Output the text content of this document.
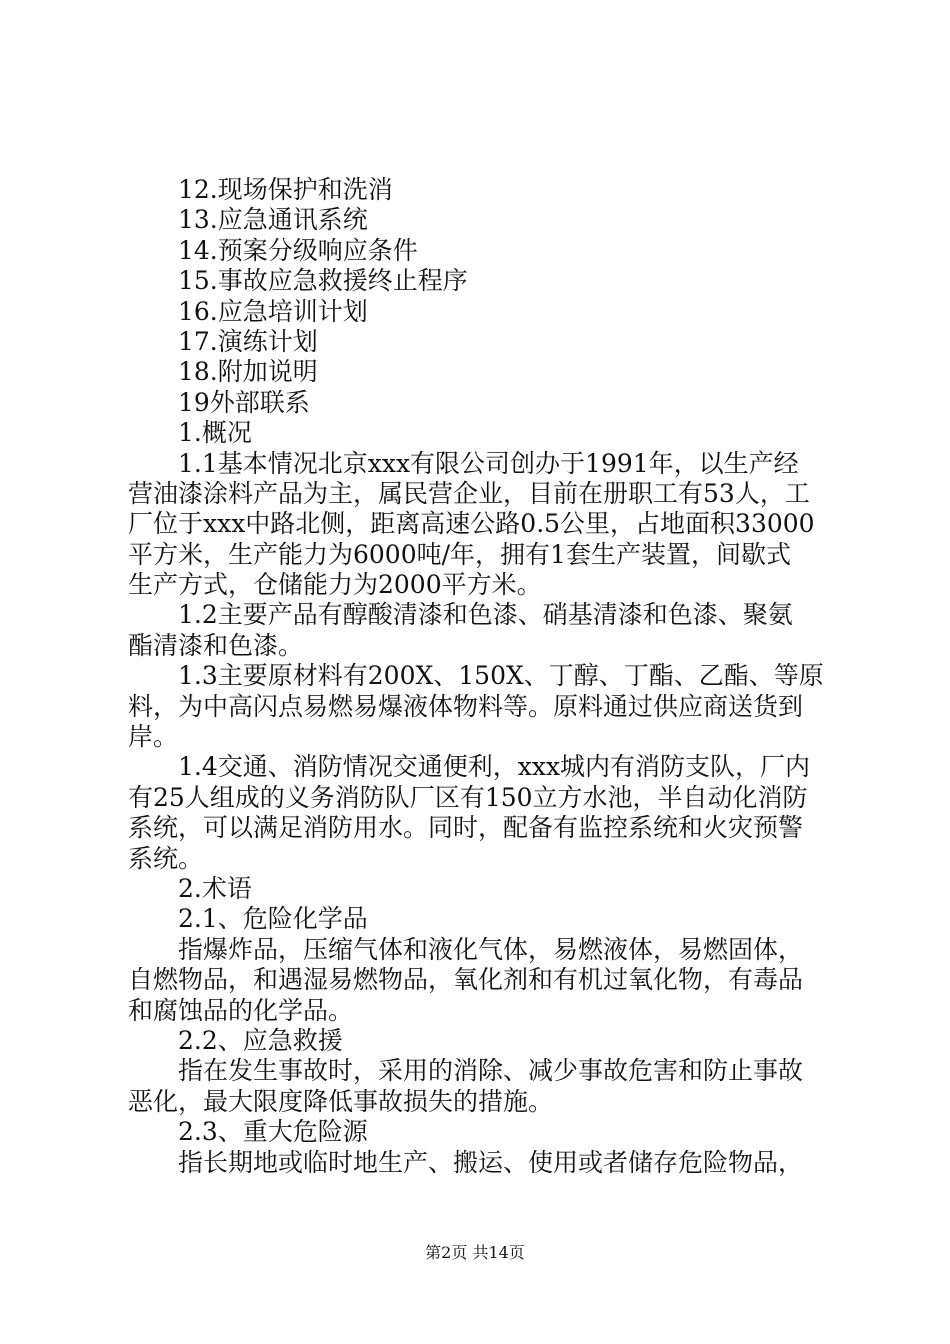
12.现场保护和洗消
13.应急通讯系统
14.预案分级响应条件
15.事故应急救援终止程序
16.应急培训计划
17.演练计划
18.附加说明
19外部联系
1.概况
1.1基本情况北京xxx有限公司创办于1991年，以生产经
营油漆涂料产品为主，属民营企业，目前在册职工有53人，工
厂位于xxx中路北侧，距离高速公路0.5公里，占地面积33000
平方米，生产能力为6000吨/年，拥有1套生产装置，间歇式
生产方式，仓储能力为2000平方米。
1.2主要产品有醇酸清漆和色漆、硝基清漆和色漆、聚氨
酯清漆和色漆。
1.3主要原材料有200X、150X、丁醇、丁酯、乙酯、等原
料，为中高闪点易燃易爆液体物料等。原料通过供应商送货到
岸。
1.4交通、消防情况交通便利，xxx城内有消防支队，厂内
有25人组成的义务消防队厂区有150立方水池，半自动化消防
系统，可以满足消防用水。同时，配备有监控系统和火灾预警
系统。
2.术语
2.1、危险化学品
指爆炸品，压缩气体和液化气体，易燃液体，易燃固体，
自燃物品，和遇湿易燃物品，氧化剂和有机过氧化物，有毒品
和腐蚀品的化学品。
2.2、应急救援
指在发生事故时，采用的消除、减少事故危害和防止事故
恶化，最大限度降低事故损失的措施。
2.3、重大危险源
指长期地或临时地生产、搬运、使用或者储存危险物品，
第2页 共14页
